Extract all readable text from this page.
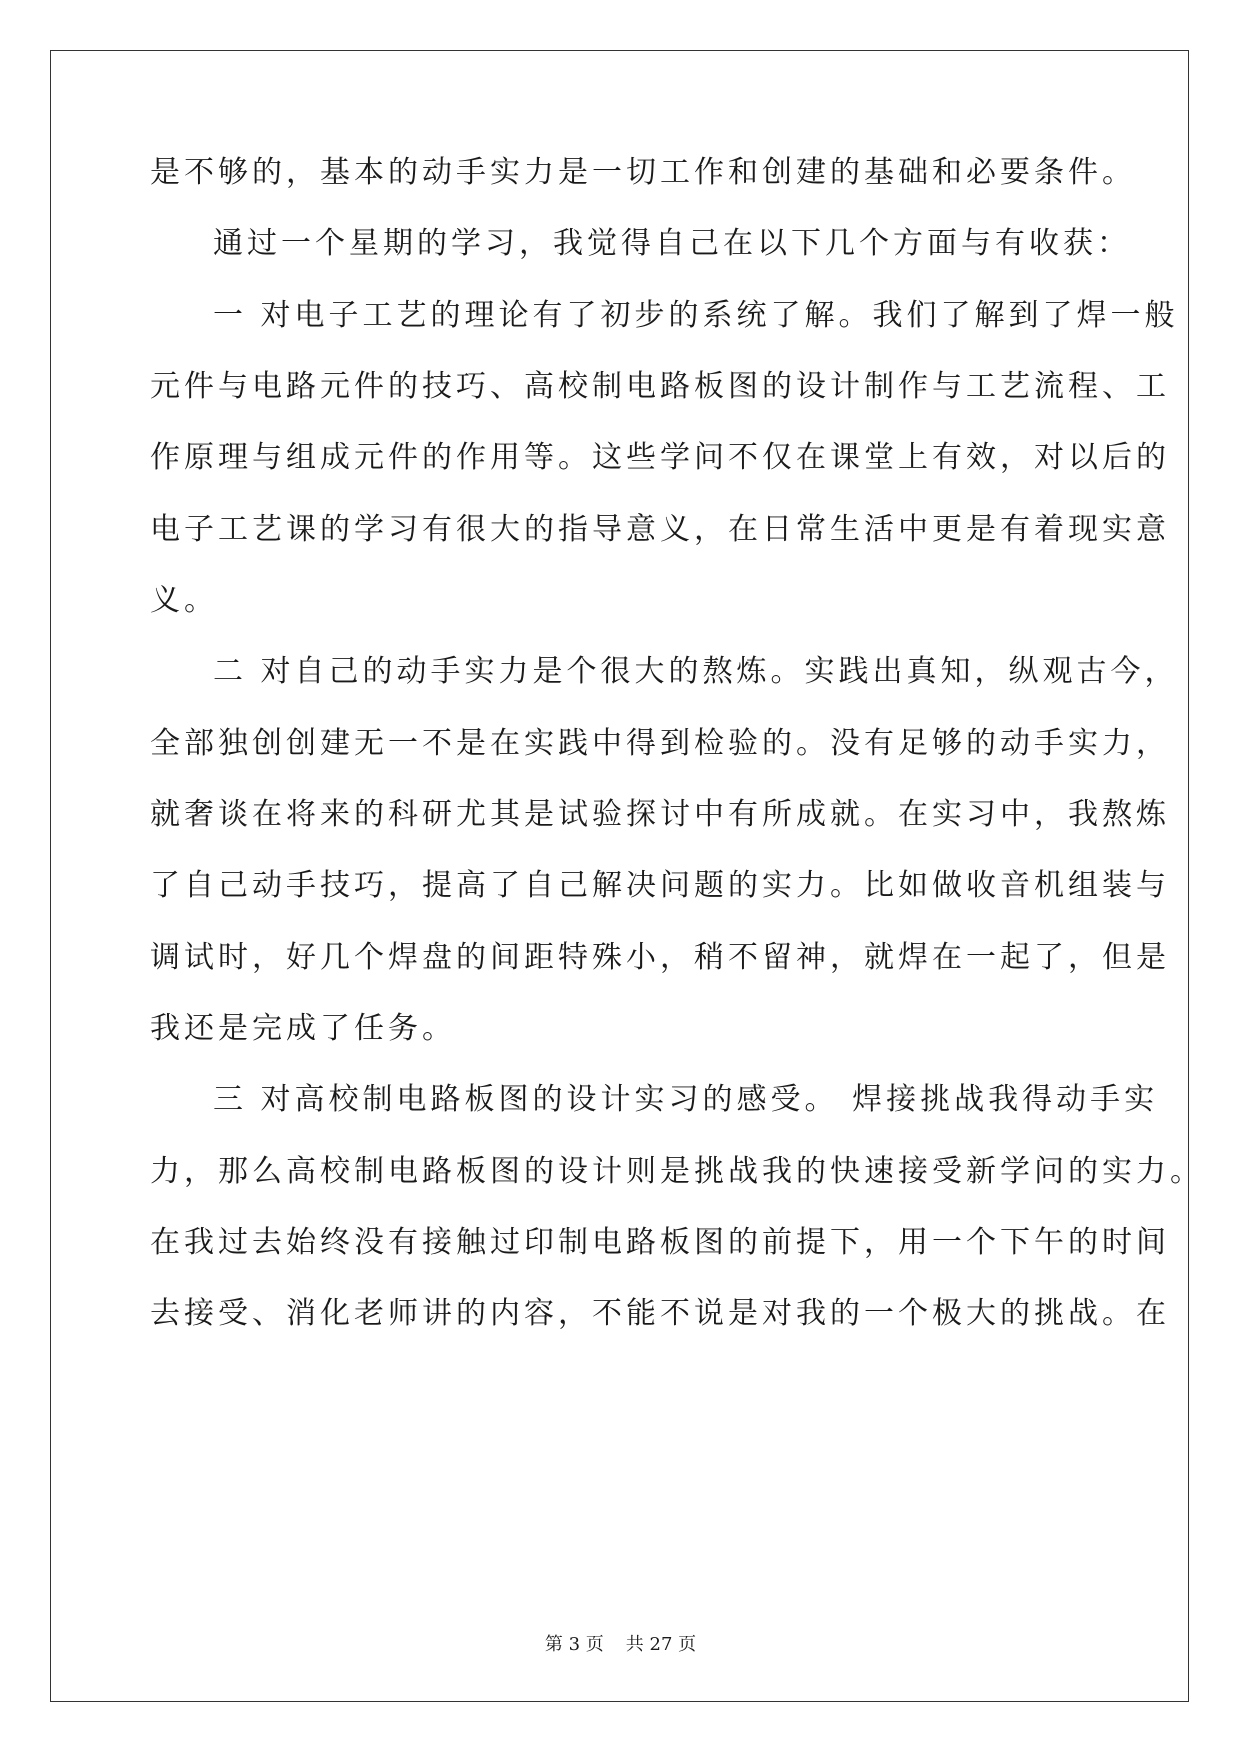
是不够的，基本的动手实力是一切工作和创建的基础和必要条件。
通过一个星期的学习，我觉得自己在以下几个方面与有收获：
一 对电子工艺的理论有了初步的系统了解。我们了解到了焊一般
元件与电路元件的技巧、高校制电路板图的设计制作与工艺流程、工
作原理与组成元件的作用等。这些学问不仅在课堂上有效，对以后的
电子工艺课的学习有很大的指导意义，在日常生活中更是有着现实意
义。
二 对自己的动手实力是个很大的熬炼。实践出真知，纵观古今，
全部独创创建无一不是在实践中得到检验的。没有足够的动手实力，
就奢谈在将来的科研尤其是试验探讨中有所成就。在实习中，我熬炼
了自己动手技巧，提高了自己解决问题的实力。比如做收音机组装与
调试时，好几个焊盘的间距特殊小，稍不留神，就焊在一起了，但是
我还是完成了任务。
三 对高校制电路板图的设计实习的感受。 焊接挑战我得动手实
力，那么高校制电路板图的设计则是挑战我的快速接受新学问的实力。
在我过去始终没有接触过印制电路板图的前提下，用一个下午的时间
去接受、消化老师讲的内容，不能不说是对我的一个极大的挑战。在
第 3 页 共 27 页
